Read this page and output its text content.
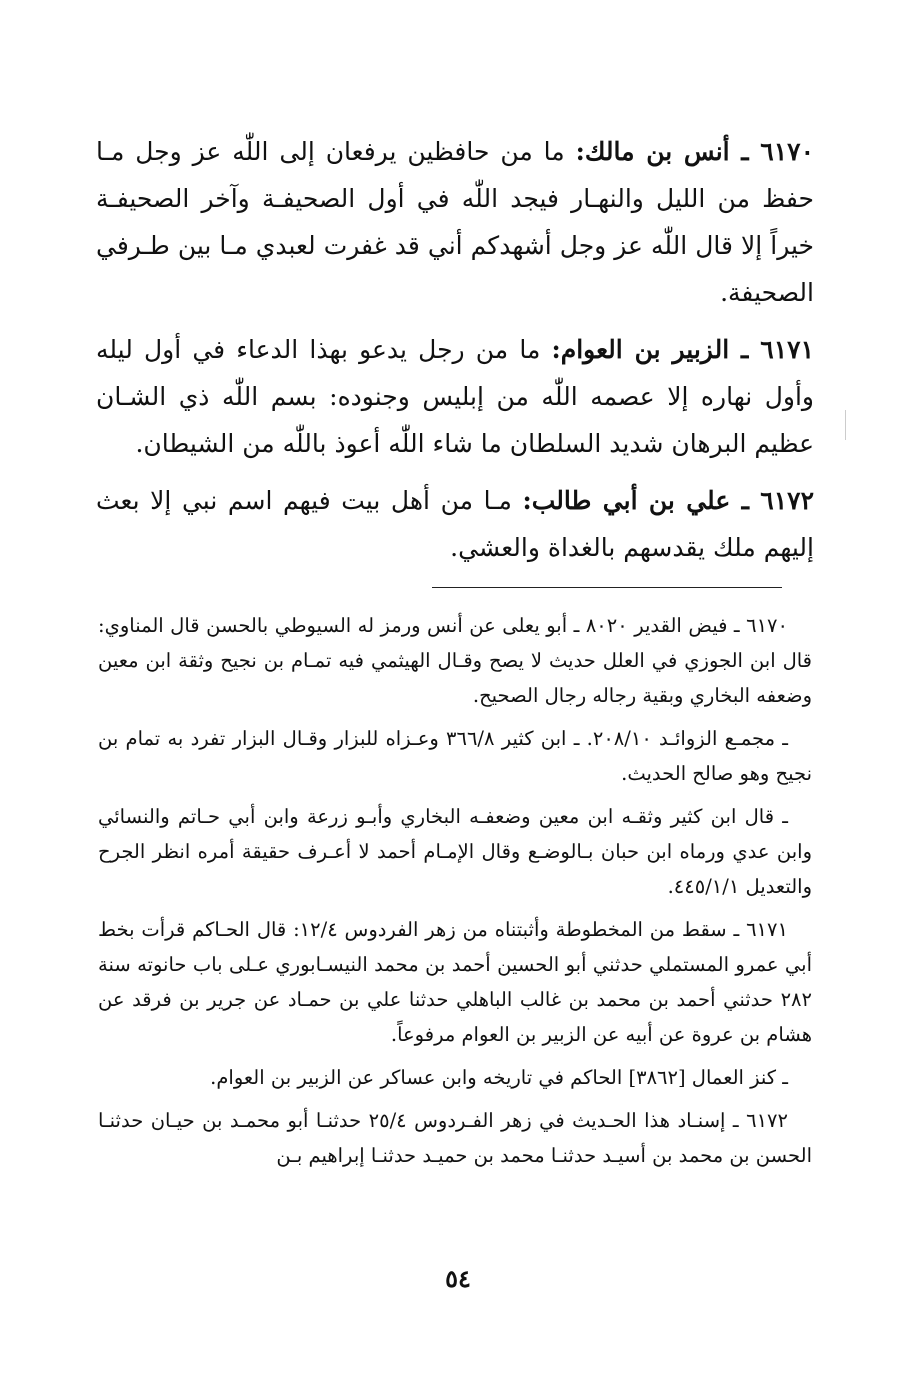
٦١٧٠ ـ أنس بن مالك: ما من حافظين يرفعان إلى اللّٰه عز وجل مـا حفظ من الليل والنهـار فيجد اللّٰه في أول الصحيفـة وآخر الصحيفـة خيراً إلا قال اللّٰه عز وجل أشهدكم أني قد غفرت لعبدي مـا بين طـرفي الصحيفة.

٦١٧١ ـ الزبير بن العوام: ما من رجل يدعو بهذا الدعاء في أول ليله وأول نهاره إلا عصمه اللّٰه من إبليس وجنوده: بسم اللّٰه ذي الشـان عظيم البرهان شديد السلطان ما شاء اللّٰه أعوذ باللّٰه من الشيطان.

٦١٧٢ ـ علي بن أبي طالب: مـا من أهل بيت فيهم اسم نبي إلا بعث إليهم ملك يقدسهم بالغداة والعشي.

٦١٧٠ ـ فيض القدير ٨٠٢٠ ـ أبو يعلى عن أنس ورمز له السيوطي بالحسن قال المناوي: قال ابن الجوزي في العلل حديث لا يصح وقـال الهيثمي فيه تمـام بن نجيح وثقة ابن معين وضعفه البخاري وبقية رجاله رجال الصحيح.

ـ مجمـع الزوائـد ٢٠٨/١٠. ـ ابن كثير ٣٦٦/٨ وعـزاه للبزار وقـال البزار تفرد به تمام بن نجيح وهو صالح الحديث.

ـ قال ابن كثير وثقـه ابن معين وضعفـه البخاري وأبـو زرعة وابن أبي حـاتم والنسائي وابن عدي ورماه ابن حبان بـالوضـع وقال الإمـام أحمد لا أعـرف حقيقة أمره انظر الجرح والتعديل ٤٤٥/١/١.

٦١٧١ ـ سقط من المخطوطة وأثبتناه من زهر الفردوس ١٢/٤: قال الحـاكم قرأت بخط أبي عمرو المستملي حدثني أبو الحسين أحمد بن محمد النيسـابوري عـلى باب حانوته سنة ٢٨٢ حدثني أحمد بن محمد بن غالب الباهلي حدثنا علي بن حمـاد عن جرير بن فرقد عن هشام بن عروة عن أبيه عن الزبير بن العوام مرفوعاً.

ـ كنز العمال [٣٨٦٢] الحاكم في تاريخه وابن عساكر عن الزبير بن العوام.

٦١٧٢ ـ إسنـاد هذا الحـديث في زهر الفـردوس ٢٥/٤ حدثنـا أبو محمـد بن حيـان حدثنـا الحسن بن محمد بن أسيـد حدثنـا محمد بن حميـد حدثنـا إبراهيم بـن

٥٤
